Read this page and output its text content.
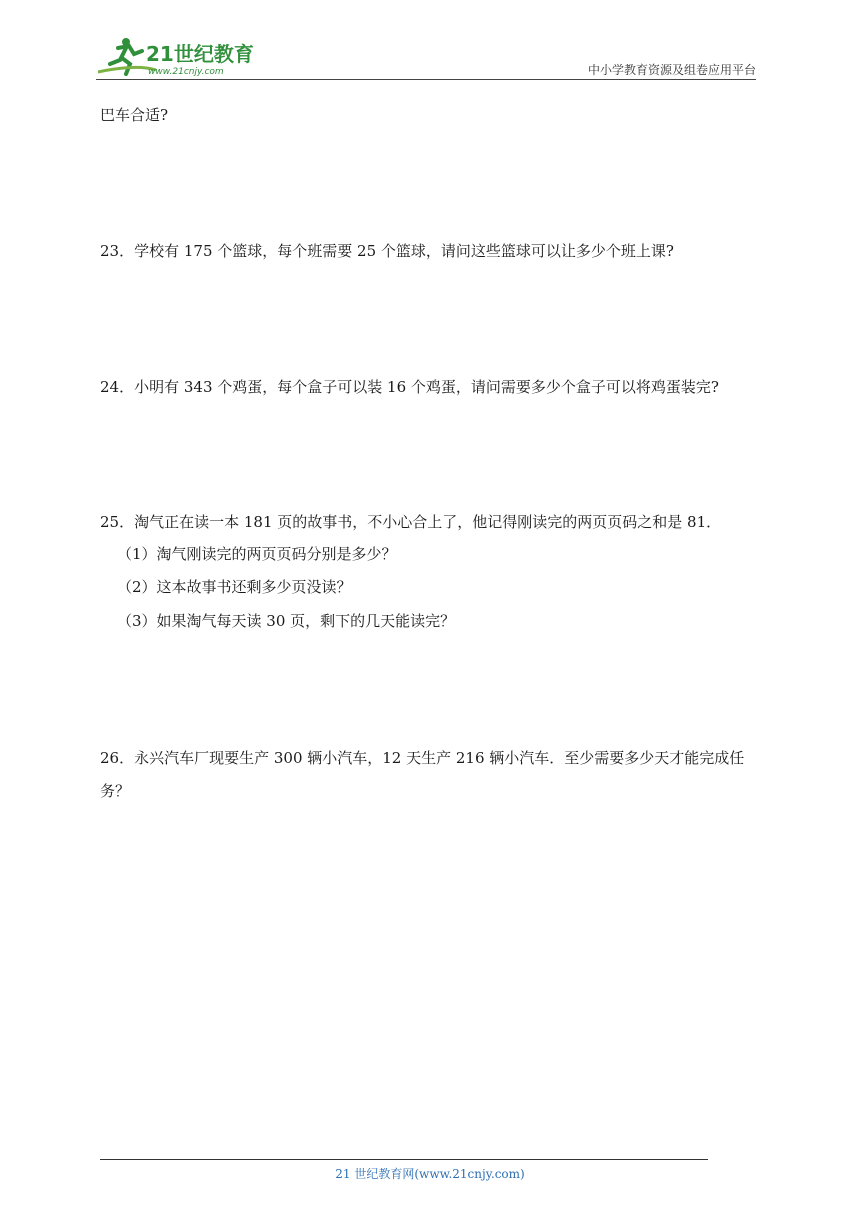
21世纪教育
www.21cnjy.com	中小学教育资源及组卷应用平台
巴车合适?
23．学校有 175 个篮球，每个班需要 25 个篮球，请问这些篮球可以让多少个班上课?
24．小明有 343 个鸡蛋，每个盒子可以装 16 个鸡蛋，请问需要多少个盒子可以将鸡蛋装完?
25．淘气正在读一本 181 页的故事书，不小心合上了，他记得刚读完的两页页码之和是 81．
（1）淘气刚读完的两页页码分别是多少？
（2）这本故事书还剩多少页没读？
（3）如果淘气每天读 30 页，剩下的几天能读完？
26．永兴汽车厂现要生产 300 辆小汽车，12 天生产 216 辆小汽车．至少需要多少天才能完成任
务？
21 世纪教育网(www.21cnjy.com)
